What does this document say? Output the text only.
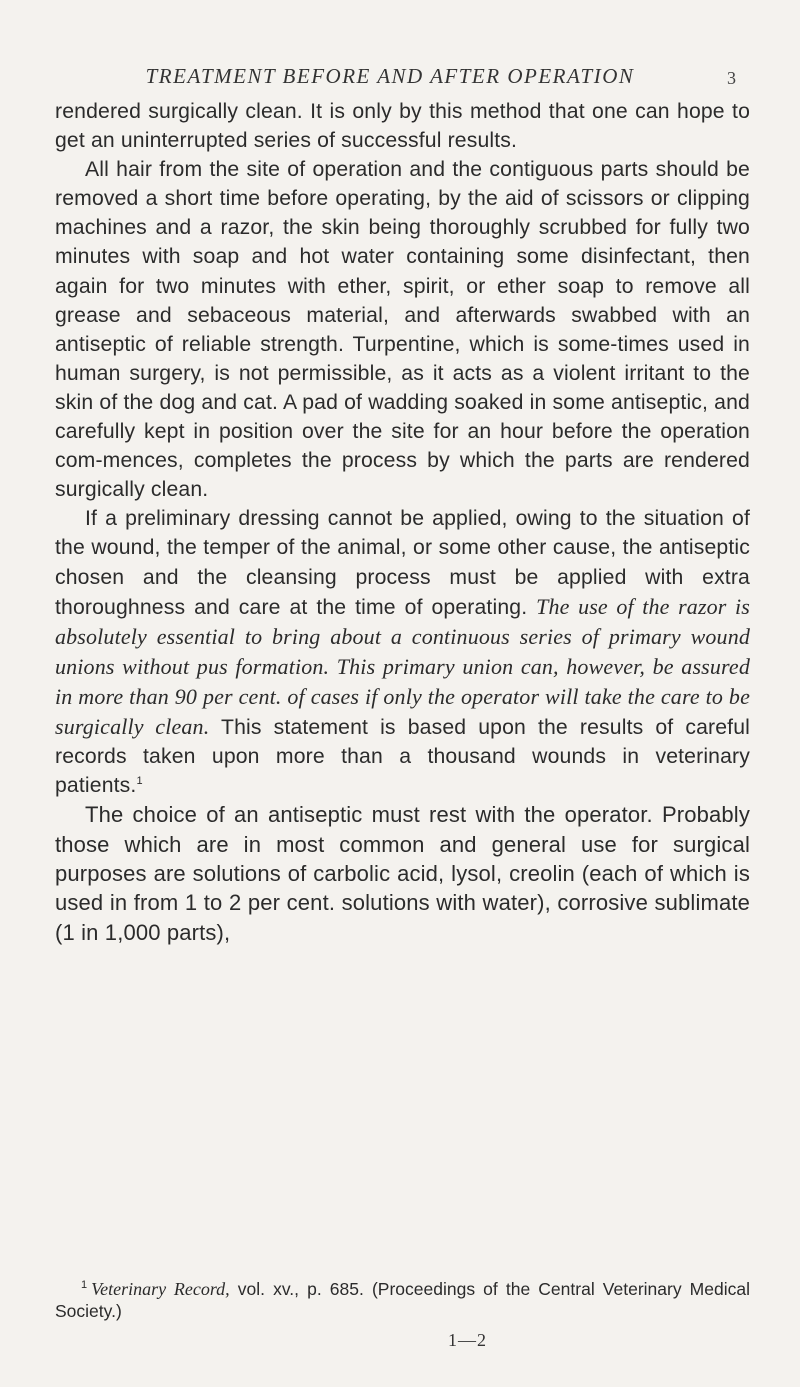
TREATMENT BEFORE AND AFTER OPERATION	3

rendered surgically clean. It is only by this method that one can hope to get an uninterrupted series of successful results.

All hair from the site of operation and the contiguous parts should be removed a short time before operating, by the aid of scissors or clipping machines and a razor, the skin being thoroughly scrubbed for fully two minutes with soap and hot water containing some disinfectant, then again for two minutes with ether, spirit, or ether soap to remove all grease and sebaceous material, and afterwards swabbed with an antiseptic of reliable strength. Turpentine, which is some-times used in human surgery, is not permissible, as it acts as a violent irritant to the skin of the dog and cat. A pad of wadding soaked in some antiseptic, and carefully kept in position over the site for an hour before the operation com-mences, completes the process by which the parts are rendered surgically clean.

If a preliminary dressing cannot be applied, owing to the situation of the wound, the temper of the animal, or some other cause, the antiseptic chosen and the cleansing process must be applied with extra thoroughness and care at the time of operating. The use of the razor is absolutely essential to bring about a continuous series of primary wound unions without pus formation. This primary union can, however, be assured in more than 90 per cent. of cases if only the operator will take the care to be surgically clean. This statement is based upon the results of careful records taken upon more than a thousand wounds in veterinary patients.$^1$

The choice of an antiseptic must rest with the operator. Probably those which are in most common and general use for surgical purposes are solutions of carbolic acid, lysol, creolin (each of which is used in from 1 to 2 per cent. solutions with water), corrosive sublimate (1 in 1,000 parts),

$^1$ Veterinary Record, vol. xv., p. 685. (Proceedings of the Central Veterinary Medical Society.)
1—2
